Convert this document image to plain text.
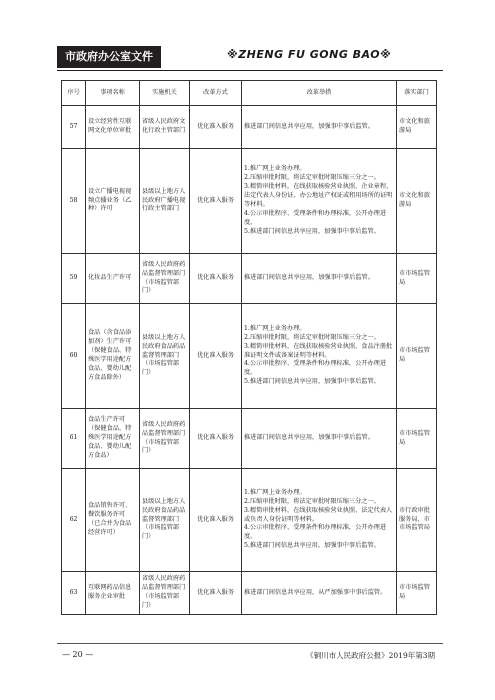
市政府办公室文件	※ZHENG FU GONG BAO※
序号	事项名称	实施机关	改革方式	改革举措	落实部门
57	设立经营性互联网文化单位审批	省级人民政府文化行政主管部门	优化准入服务	推进部门间信息共享应用，加强事中事后监管。	市文化和旅游局
58	设立广播电视视频点播业务（乙种）许可	县级以上地方人民政府广播电视行政主管部门	优化准入服务	1.推广网上业务办理。
2.压缩审批时限，将法定审批时限压缩三分之一。
3.精简审批材料，在线获取核验营业执照、企业章程、法定代表人身份证、办公地址产权证或租用场所的证明等材料。
4.公示审批程序、受理条件和办理标准，公开办理进度。
5.推进部门间信息共享应用，加强事中事后监管。	市文化和旅游局
59	化妆品生产许可	省级人民政府药品监督管理部门（市场监管部门）	优化准入服务	推进部门间信息共享应用，加强事中事后监管。	市市场监管局
60	食品（含食品添加剂）生产许可（保健食品、特殊医学用途配方食品、婴幼儿配方食品除外）	县级以上地方人民政府食品药品监督管理部门（市场监管部门）	优化准入服务	1.推广网上业务办理。
2.压缩审批时限，将法定审批时限压缩三分之一。
3.精简审批材料，在线获取核验营业执照、食品注册批准证明文件或备案证明等材料。
4.公示审批程序、受理条件和办理标准，公开办理进度。
5.推进部门间信息共享应用，加强事中事后监管。	市市场监管局
61	食品生产许可（保健食品、特殊医学用途配方食品、婴幼儿配方食品）	省级人民政府药品监督管理部门（市场监管部门）	优化准入服务	推进部门间信息共享应用，加强事中事后监管。	市市场监管局
62	食品销售许可、餐饮服务许可（已合并为食品经营许可）	县级以上地方人民政府食品药品监督管理部门（市场监管部门）	优化准入服务	1.推广网上业务办理。
2.压缩审批时限，将法定审批时限压缩三分之一。
3.精简审批材料，在线获取核验营业执照、法定代表人或负责人身份证明等材料。
4.公示审批程序、受理条件和办理标准，公开办理进度。
5.推进部门间信息共享应用，加强事中事后监管。	市行政审批服务局、市市场监管局
63	互联网药品信息服务企业审批	省级人民政府药品监督管理部门（市场监管部门）	优化准入服务	推进部门间信息共享应用，从严加强事中事后监管。	市市场监管局
— 20 —	《铜川市人民政府公报》2019年第3期
